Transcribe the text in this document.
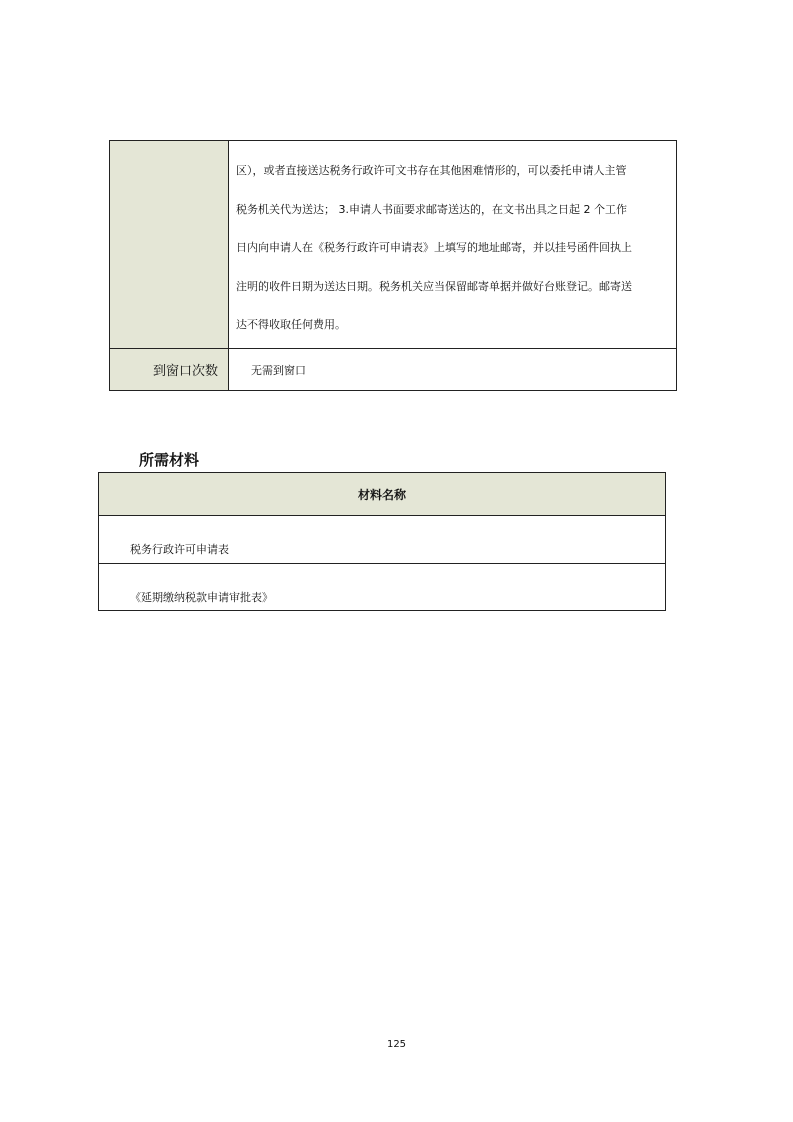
	区），或者直接送达税务行政许可文书存在其他困难情形的，可以委托申请人主管
税务机关代为送达； 3.申请人书面要求邮寄送达的，在文书出具之日起 2 个工作
日内向申请人在《税务行政许可申请表》上填写的地址邮寄，并以挂号函件回执上
注明的收件日期为送达日期。税务机关应当保留邮寄单据并做好台账登记。邮寄送
达不得收取任何费用。

到窗口次数	无需到窗口
所需材料
材料名称
税务行政许可申请表
《延期缴纳税款申请审批表》
125
